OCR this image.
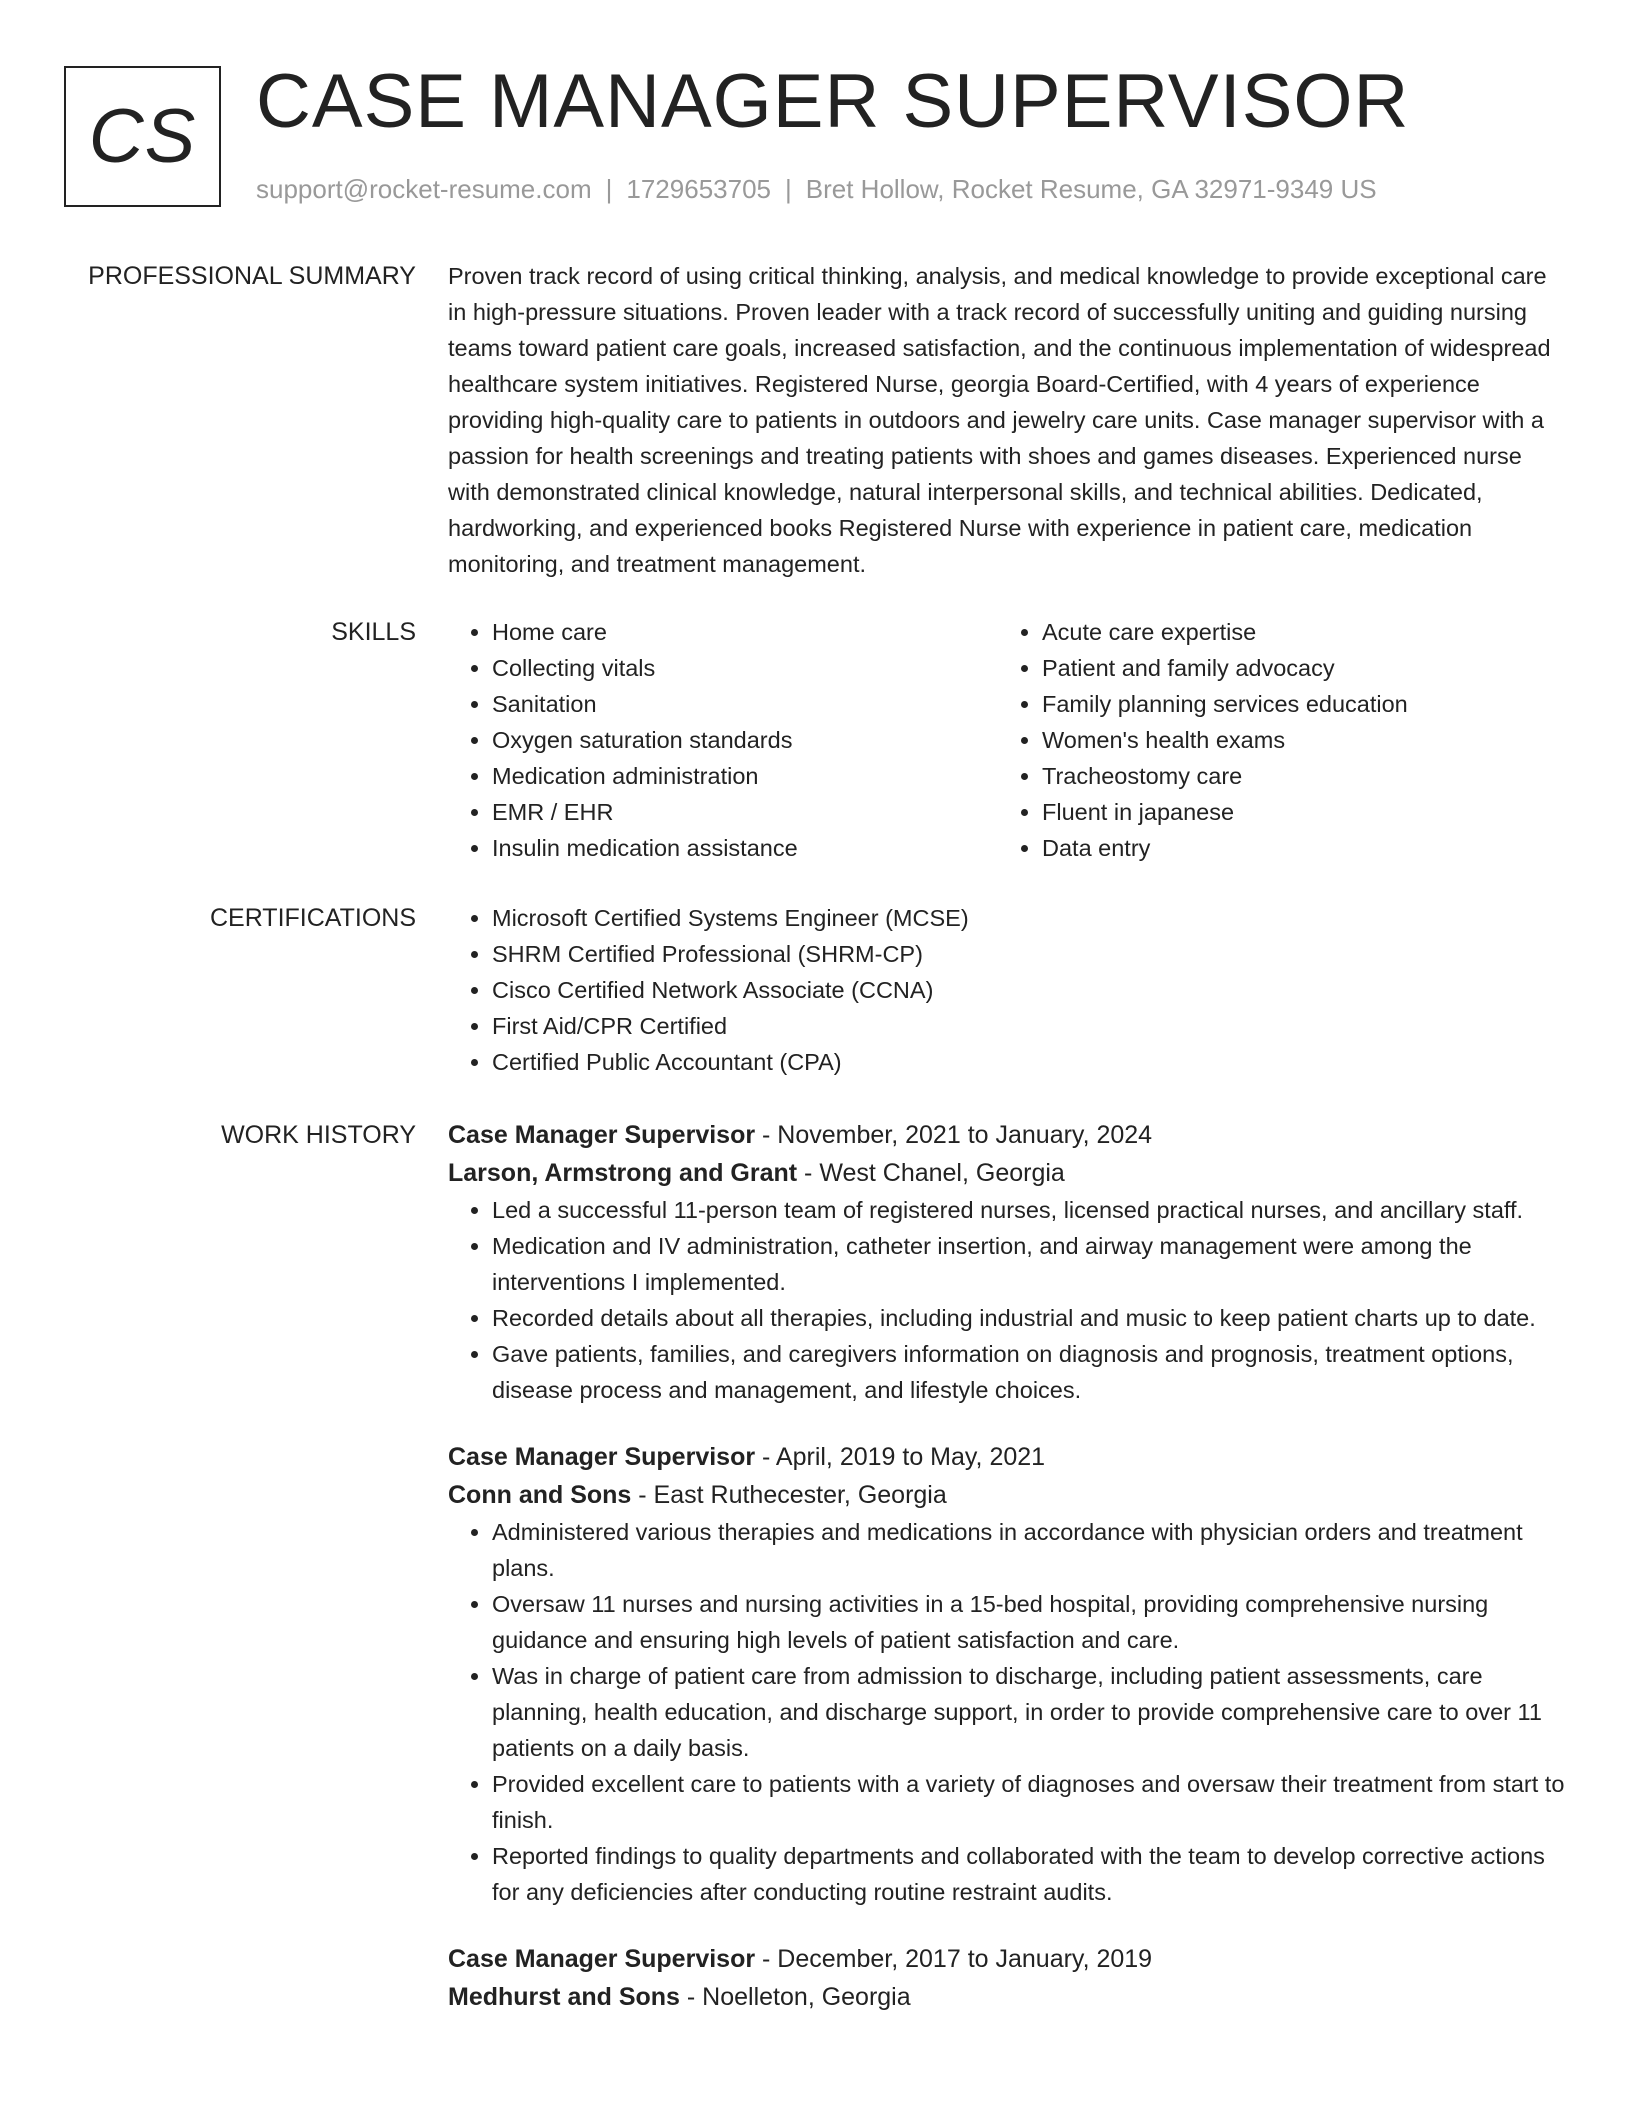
CS CASE MANAGER SUPERVISOR
support@rocket-resume.com | 1729653705 | Bret Hollow, Rocket Resume, GA 32971-9349 US
PROFESSIONAL SUMMARY Proven track record of using critical thinking, analysis, and medical knowledge to provide exceptional care in high-pressure situations. Proven leader with a track record of successfully uniting and guiding nursing teams toward patient care goals, increased satisfaction, and the continuous implementation of widespread healthcare system initiatives. Registered Nurse, georgia Board-Certified, with 4 years of experience providing high-quality care to patients in outdoors and jewelry care units. Case manager supervisor with a passion for health screenings and treating patients with shoes and games diseases. Experienced nurse with demonstrated clinical knowledge, natural interpersonal skills, and technical abilities. Dedicated, hardworking, and experienced books Registered Nurse with experience in patient care, medication monitoring, and treatment management.

SKILLS	• Home care
• Collecting vitals
• Sanitation
• Oxygen saturation standards
• Medication administration
• EMR / EHR
• Insulin medication assistance
• Acute care expertise
• Patient and family advocacy
• Family planning services education
• Women's health exams
• Tracheostomy care
• Fluent in japanese
• Data entry
CERTIFICATIONS	• Microsoft Certified Systems Engineer (MCSE)
• SHRM Certified Professional (SHRM-CP)
• Cisco Certified Network Associate (CCNA)
• First Aid/CPR Certified
• Certified Public Accountant (CPA)
WORK HISTORY Case Manager Supervisor - November, 2021 to January, 2024
Larson, Armstrong and Grant - West Chanel, Georgia
• Led a successful 11-person team of registered nurses, licensed practical nurses, and ancillary staff.
• Medication and IV administration, catheter insertion, and airway management were among the interventions I implemented.
• Recorded details about all therapies, including industrial and music to keep patient charts up to date.
• Gave patients, families, and caregivers information on diagnosis and prognosis, treatment options, disease process and management, and lifestyle choices.
Case Manager Supervisor - April, 2019 to May, 2021
Conn and Sons - East Ruthecester, Georgia
• Administered various therapies and medications in accordance with physician orders and treatment plans.
• Oversaw 11 nurses and nursing activities in a 15-bed hospital, providing comprehensive nursing guidance and ensuring high levels of patient satisfaction and care.
• Was in charge of patient care from admission to discharge, including patient assessments, care planning, health education, and discharge support, in order to provide comprehensive care to over 11 patients on a daily basis.
• Provided excellent care to patients with a variety of diagnoses and oversaw their treatment from start to finish.
• Reported findings to quality departments and collaborated with the team to develop corrective actions for any deficiencies after conducting routine restraint audits.
Case Manager Supervisor - December, 2017 to January, 2019
Medhurst and Sons - Noelleton, Georgia
